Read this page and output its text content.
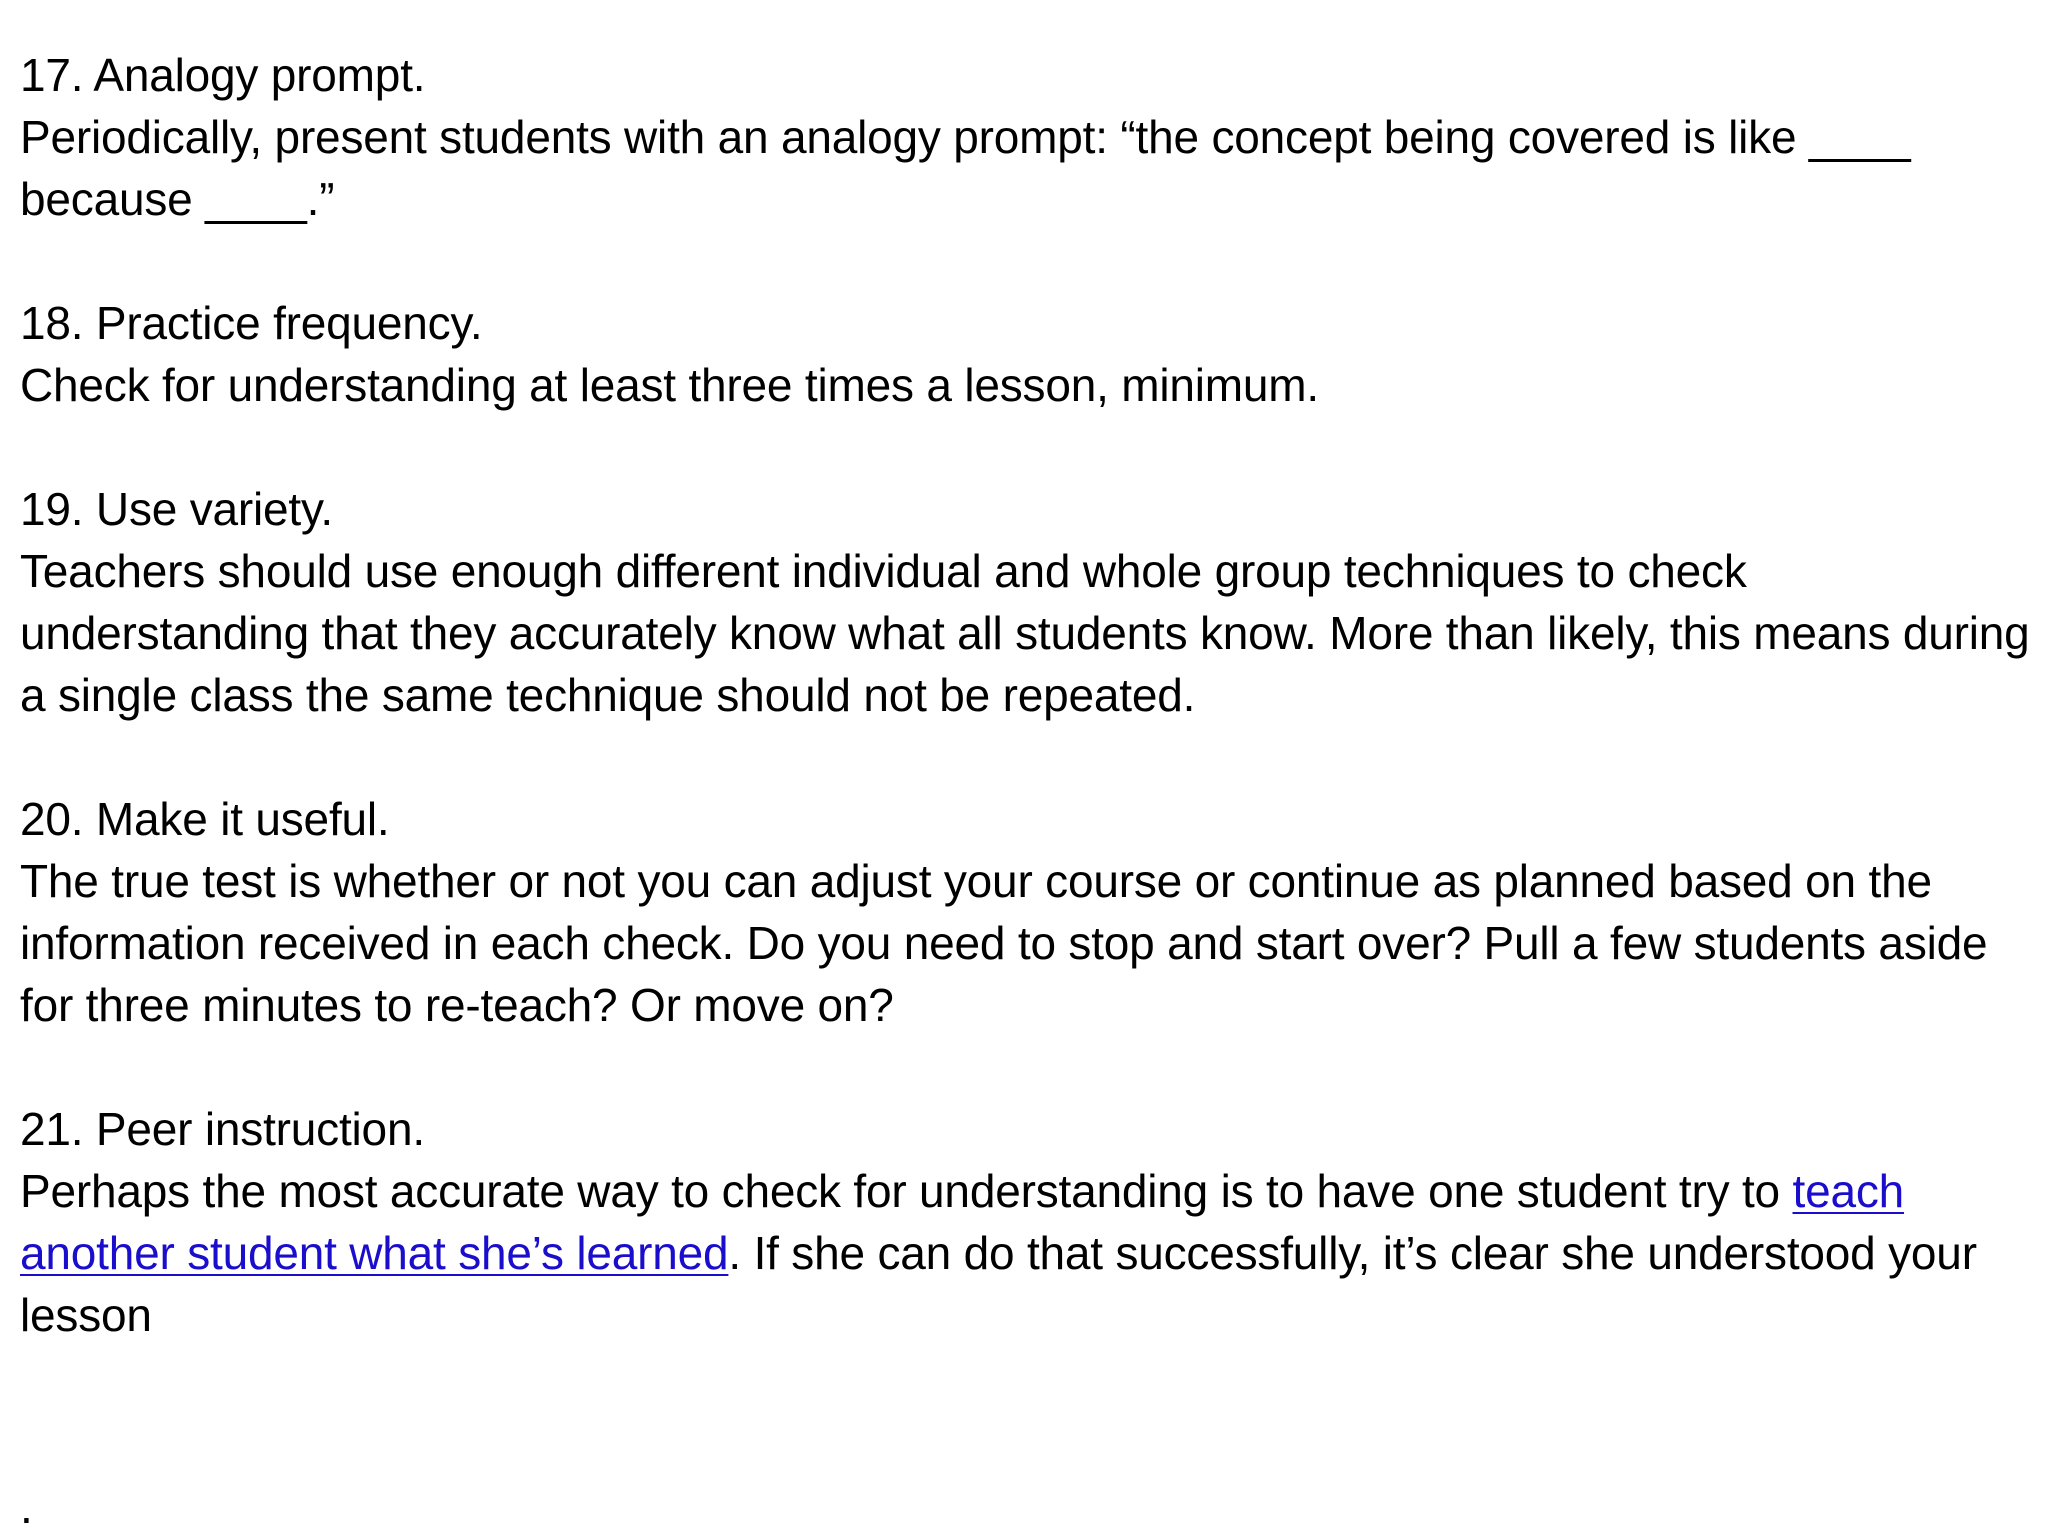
17. Analogy prompt.

Periodically, present students with an analogy prompt: “the concept being covered is like ____ because ____.”

18. Practice frequency.

Check for understanding at least three times a lesson, minimum.

19. Use variety.

Teachers should use enough different individual and whole group techniques to check understanding that they accurately know what all students know. More than likely, this means during a single class the same technique should not be repeated.

20. Make it useful.

The true test is whether or not you can adjust your course or continue as planned based on the information received in each check. Do you need to stop and start over? Pull a few students aside for three minutes to re-teach? Or move on?

21. Peer instruction.

Perhaps the most accurate way to check for understanding is to have one student try to teach another student what she’s learned. If she can do that successfully, it’s clear she understood your lesson

.
